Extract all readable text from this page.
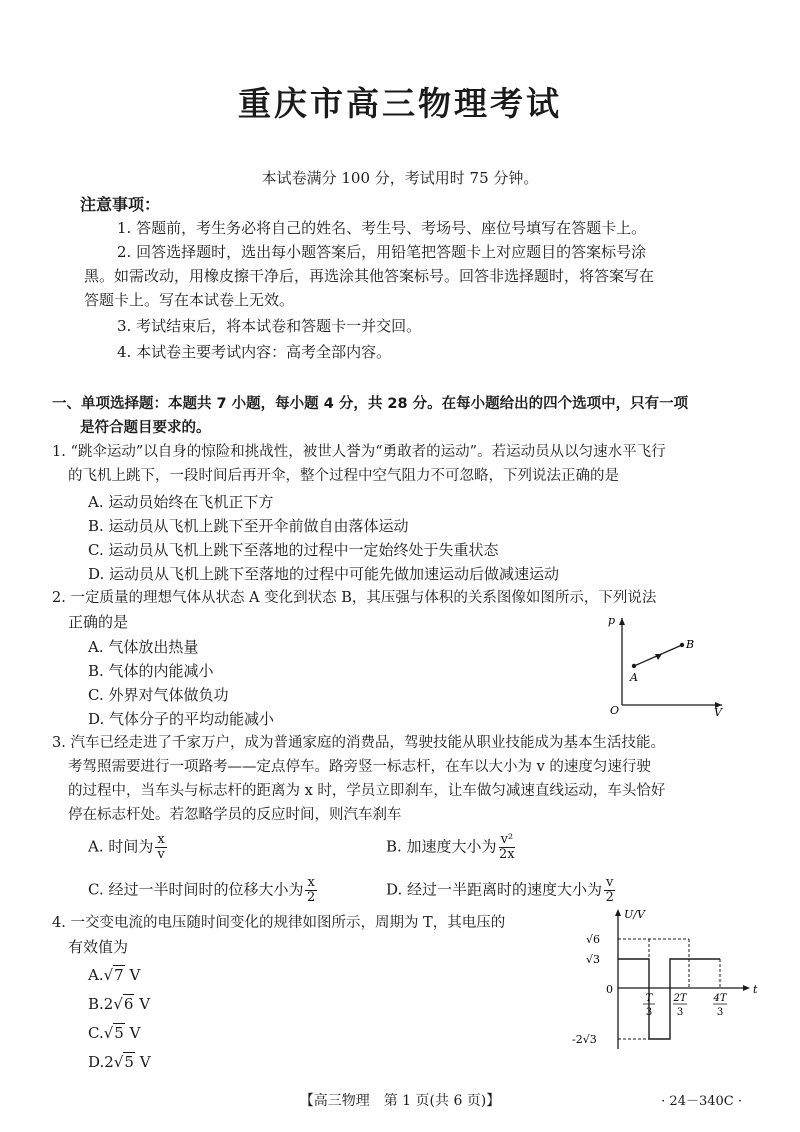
重庆市高三物理考试
本试卷满分 100 分，考试用时 75 分钟。
注意事项：
1. 答题前，考生务必将自己的姓名、考生号、考场号、座位号填写在答题卡上。
2. 回答选择题时，选出每小题答案后，用铅笔把答题卡上对应题目的答案标号涂
黑。如需改动，用橡皮擦干净后，再选涂其他答案标号。回答非选择题时，将答案写在
答题卡上。写在本试卷上无效。
3. 考试结束后，将本试卷和答题卡一并交回。
4. 本试卷主要考试内容：高考全部内容。
一、单项选择题：本题共 7 小题，每小题 4 分，共 28 分。在每小题给出的四个选项中，只有一项
是符合题目要求的。
1. “跳伞运动”以自身的惊险和挑战性，被世人誉为“勇敢者的运动”。若运动员从以匀速水平飞行
的飞机上跳下，一段时间后再开伞，整个过程中空气阻力不可忽略，下列说法正确的是
A. 运动员始终在飞机正下方
B. 运动员从飞机上跳下至开伞前做自由落体运动
C. 运动员从飞机上跳下至落地的过程中一定始终处于失重状态
D. 运动员从飞机上跳下至落地的过程中可能先做加速运动后做减速运动
2. 一定质量的理想气体从状态 A 变化到状态 B，其压强与体积的关系图像如图所示，下列说法
正确的是
A. 气体放出热量
B. 气体的内能减小
C. 外界对气体做负功
D. 气体分子的平均动能减小
p
V
O
A
B
3. 汽车已经走进了千家万户，成为普通家庭的消费品，驾驶技能从职业技能成为基本生活技能。
考驾照需要进行一项路考——定点停车。路旁竖一标志杆，在车以大小为 v 的速度匀速行驶
的过程中，当车头与标志杆的距离为 x 时，学员立即刹车，让车做匀减速直线运动，车头恰好
停在标志杆处。若忽略学员的反应时间，则汽车刹车
A. 时间为 $\frac{x}{v}$	B. 加速度大小为 $\frac{\text{v²}}{2x}$
C. 经过一半时间时的位移大小为 $\frac{x}{2}$	D. 经过一半距离时的速度大小为 $\frac{v}{2}$
4. 一交变电流的电压随时间变化的规律如图所示，周期为 T，其电压的
有效值为
A.√7 V
B.2√6 V
C.√5 V
D.2√5 V
U/V
t
0
√6
√3
-2√3
T
3
2T
3
4T
3
【高三物理　第 1 页(共 6 页)】	· 24－340C ·
